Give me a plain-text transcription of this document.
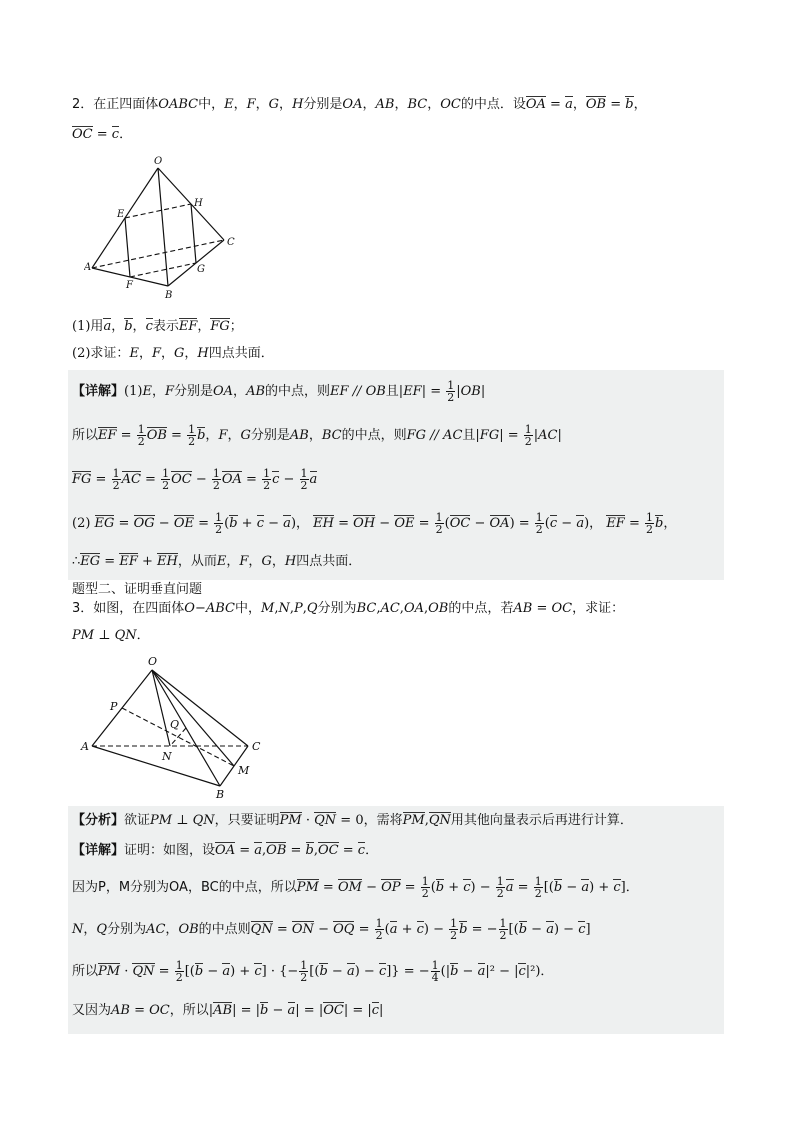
2．在正四面体OABC中，E，F，G，H分别是OA，AB，BC，OC的中点．设OA = a，OB = b，
OC = c．
O
E
H
A
F
B
G
C
(1)用a，b，c表示EF，FG；
(2)求证：E，F，G，H四点共面．
【详解】(1)E，F分别是OA，AB的中点，则EF // OB且$|EF| = \frac{1}{2} |OB|$
所以EF = $\frac{1}{2}$ OB = $\frac{1}{2}$ b，F，G分别是AB，BC的中点，则FG // AC且$|FG| = \frac{1}{2} |AC|$
FG = $\frac{1}{2}$ AC = $\frac{1}{2}$ OC − $\frac{1}{2}$ OA = $\frac{1}{2}$ $c - \frac{1}{2}$ a
(2) EG = OG − OE = $\frac{1}{2} (b + c - a)$， EH = OH − OE = $\frac{1}{2} (OC - OA) = \frac{1}{2} (c - a)$， EF = $\frac{1}{2}$ b，
∴EG = EF + EH，从而E，F，G，H四点共面．
题型二、证明垂直问题
3．如图，在四面体O−ABC中，M,N,P,Q分别为BC,AC,OA,OB的中点，若AB = OC，求证：
PM ⊥ QN．
O
P
Q
A
N
C
M
B
【分析】欲证PM ⊥ QN，只要证明PM · QN = 0，需将PM,QN用其他向量表示后再进行计算．
【详解】证明：如图，设OA = a,OB = b,OC = c．
因为P，M分别为OA，BC的中点，所以PM = OM − OP = $\frac{1}{2} (b + c) - \frac{1}{2}$ $a = \frac{1}{2} [(b - a) + c]$．
N，Q分别为AC，OB的中点则QN = ON − OQ = $\frac{1}{2} (a + c) - \frac{1}{2}$ b = − $\frac{1}{2} [(b - a) - c]$
所以PM · QN = $\frac{1}{2} [(b - a) + c]$ · {− $\frac{1}{2} [(b - a) - c]$} = − $\frac{1}{4} (|b - a|^2 - |c|^2)$．
又因为AB = OC，所以|AB| = |b − a| = |OC| = |c|
